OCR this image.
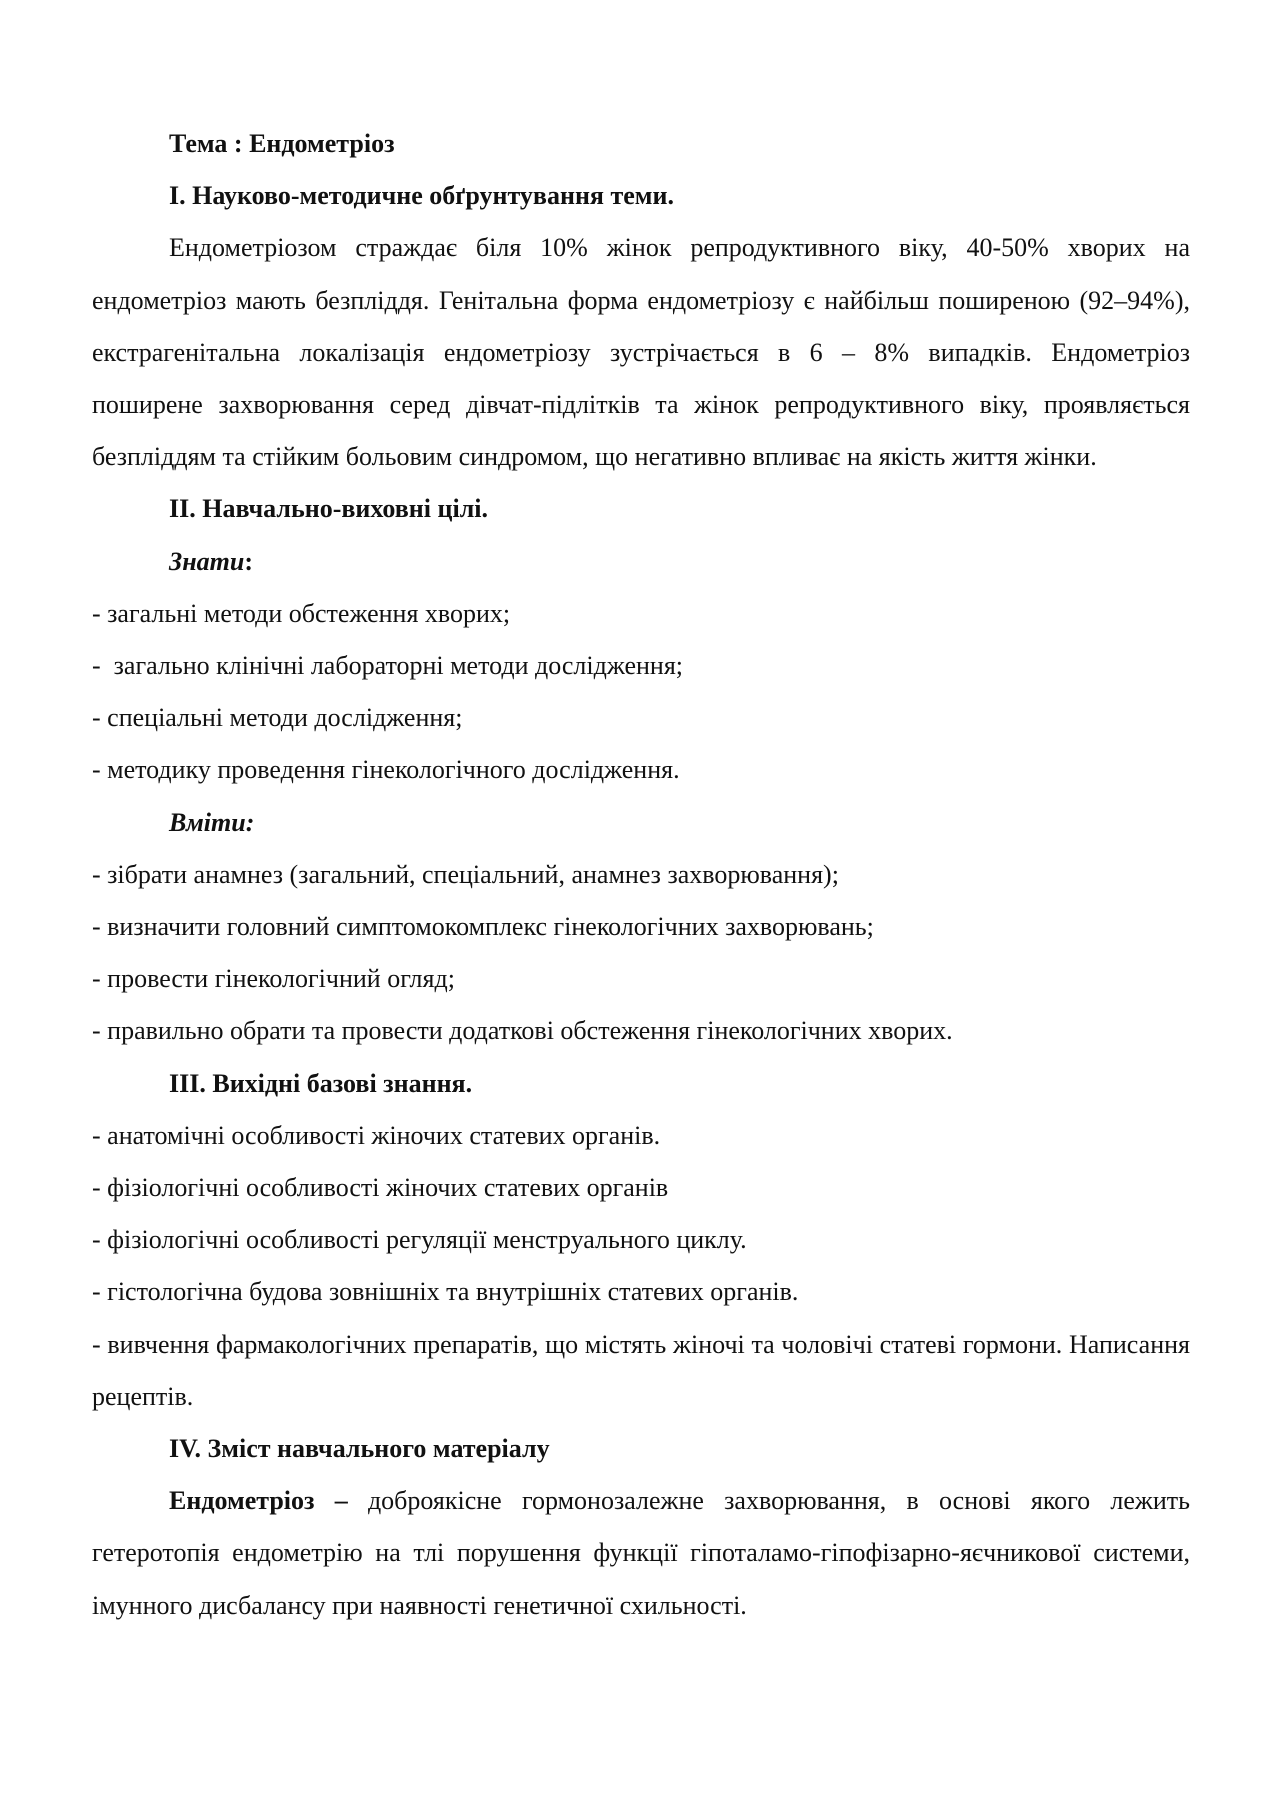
Тема : Ендометріоз
I. Науково-методичне обґрунтування теми.

Ендометріозом страждає біля 10% жінок репродуктивного віку, 40-50% хворих на ендометріоз мають безпліддя. Генітальна форма ендометріозу є найбільш поширеною (92–94%), екстрагенітальна локалізація ендометріозу зустрічається в 6 – 8% випадків. Ендометріоз поширене захворювання серед дівчат-підлітків та жінок репродуктивного віку, проявляється безпліддям та стійким больовим синдромом, що негативно впливає на якість життя жінки.

II. Навчально-виховні цілі.
Знати:
- загальні методи обстеження хворих;
-  загально клінічні лабораторні методи дослідження;
- спеціальні методи дослідження;
- методику проведення гінекологічного дослідження.
Вміти:
- зібрати анамнез (загальний, спеціальний, анамнез захворювання);
- визначити головний симптомокомплекс гінекологічних захворювань;
- провести гінекологічний огляд;
- правильно обрати та провести додаткові обстеження гінекологічних хворих.
III. Вихідні базові знання.
- анатомічні особливості жіночих статевих органів.
- фізіологічні особливості жіночих статевих органів
- фізіологічні особливості регуляції менструального циклу.
- гістологічна будова зовнішніх та внутрішніх статевих органів.

- вивчення фармакологічних препаратів, що містять жіночі та чоловічі статеві гормони. Написання рецептів.

IV. Зміст навчального матеріалу

Ендометріоз – доброякісне гормонозалежне захворювання, в основі якого лежить гетеротопія ендометрію на тлі порушення функції гіпоталамо-гіпофізарно-яєчникової системи, імунного дисбалансу при наявності генетичної схильності.
